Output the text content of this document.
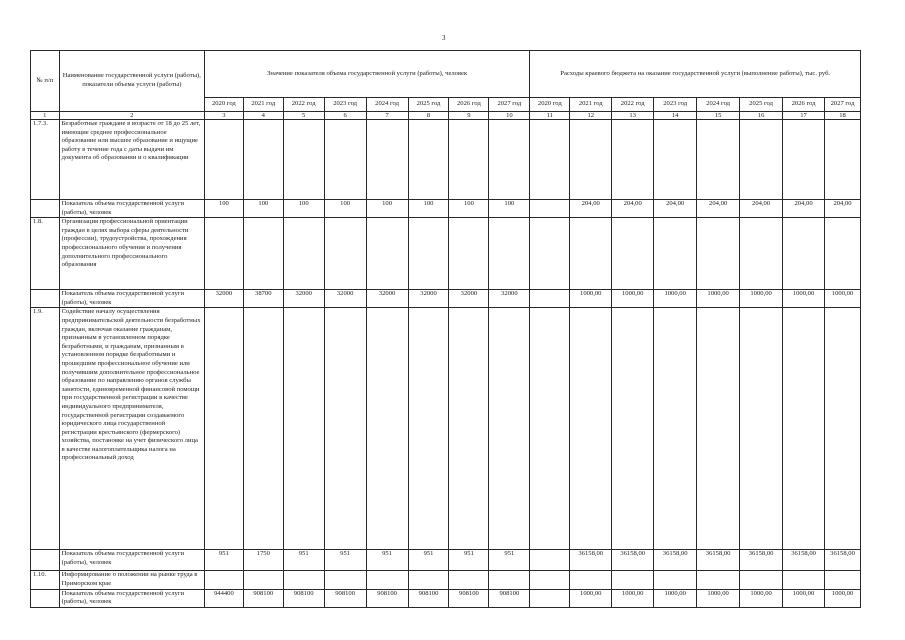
3
№ п/п	Наименование государственной услуги (работы), показатели объема услуги (работы)	Значение показателя объема государственной услуги (работы), человек								Расходы краевого бюджета на оказание государственной услуги (выполнение работы), тыс. руб.							
		2020 год	2021 год	2022 год	2023 год	2024 год	2025 год	2026 год	2027 год	2020 год	2021 год	2022 год	2023 год	2024 год	2025 год	2026 год	2027 год
1	2	3	4	5	6	7	8	9	10	11	12	13	14	15	16	17	18
1.7.3.	Безработные граждане в возрасте от 18 до 25 лет, имеющие среднее профессиональное образование или высшее образование и ищущие работу в течение года с даты выдачи им документа об образовании и о квалификации																
	Показатель объема государственной услуги (работы), человек	100	100	100	100	100	100	100	100		204,00	204,00	204,00	204,00	204,00	204,00	204,00
1.8.	Организация профессиональной ориентации граждан в целях выбора сферы деятельности (профессии), трудоустройства, прохождения профессионального обучения и получения дополнительного профессионального образования																
	Показатель объема государственной услуги (работы), человек	32000	38700	32000	32000	32000	32000	32000	32000		1000,00	1000,00	1000,00	1000,00	1000,00	1000,00	1000,00
1.9.	Содействие началу осуществления предпринимательской деятельности безработных граждан, включая оказание гражданам, признанным в установленном порядке безработными, и гражданам, признанным в установленном порядке безработными и прошедшим профессиональное обучение или получившим дополнительное профессиональное образование по направлению органов службы занятости, единовременной финансовой помощи при государственной регистрации в качестве индивидуального предпринимателя, государственной регистрации создаваемого юридического лица государственной регистрации крестьянского (фермерского) хозяйства, постановке на учет физического лица в качестве налогоплательщика налога на профессиональный доход																
	Показатель объема государственной услуги (работы), человек	951	1750	951	951	951	951	951	951		36158,00	36158,00	36158,00	36158,00	36158,00	36158,00	36158,00
1.10.	Информирование о положении на рынке труда в Приморском крае																
	Показатель объема государственной услуги (работы), человек	944400	908100	908100	908100	908100	908100	908100	908100		1000,00	1000,00	1000,00	1000,00	1000,00	1000,00	1000,00
